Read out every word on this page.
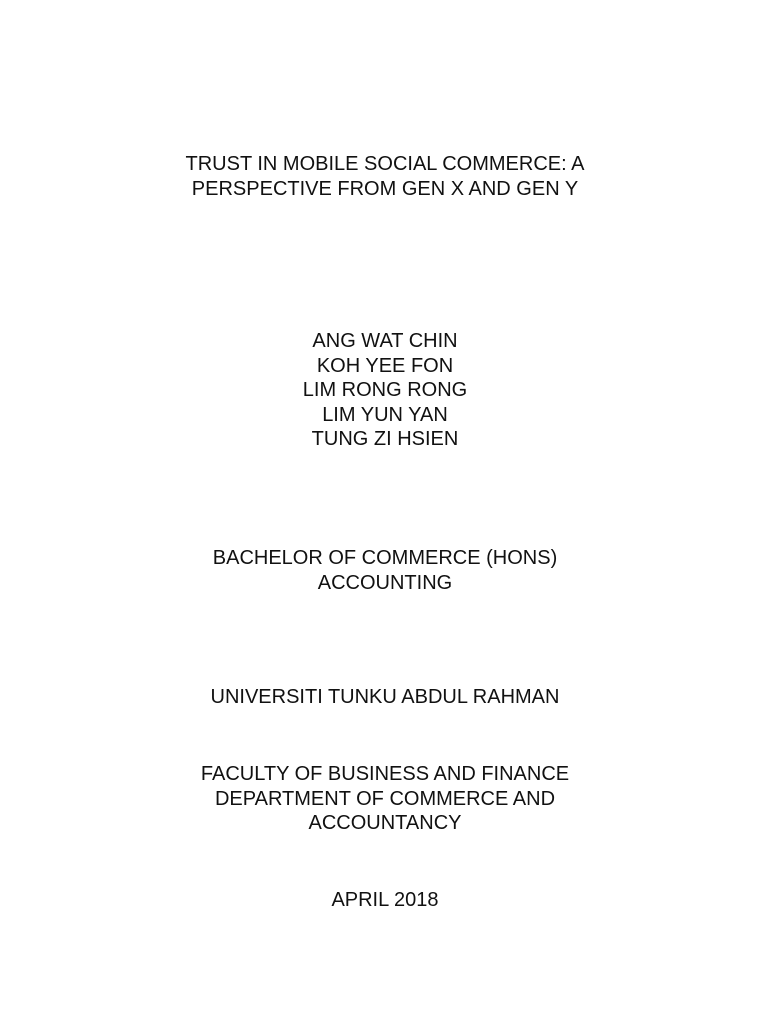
TRUST IN MOBILE SOCIAL COMMERCE: A
PERSPECTIVE FROM GEN X AND GEN Y
ANG WAT CHIN
KOH YEE FON
LIM RONG RONG
LIM YUN YAN
TUNG ZI HSIEN
BACHELOR OF COMMERCE (HONS)
ACCOUNTING
UNIVERSITI TUNKU ABDUL RAHMAN
FACULTY OF BUSINESS AND FINANCE
DEPARTMENT OF COMMERCE AND
ACCOUNTANCY
APRIL 2018
